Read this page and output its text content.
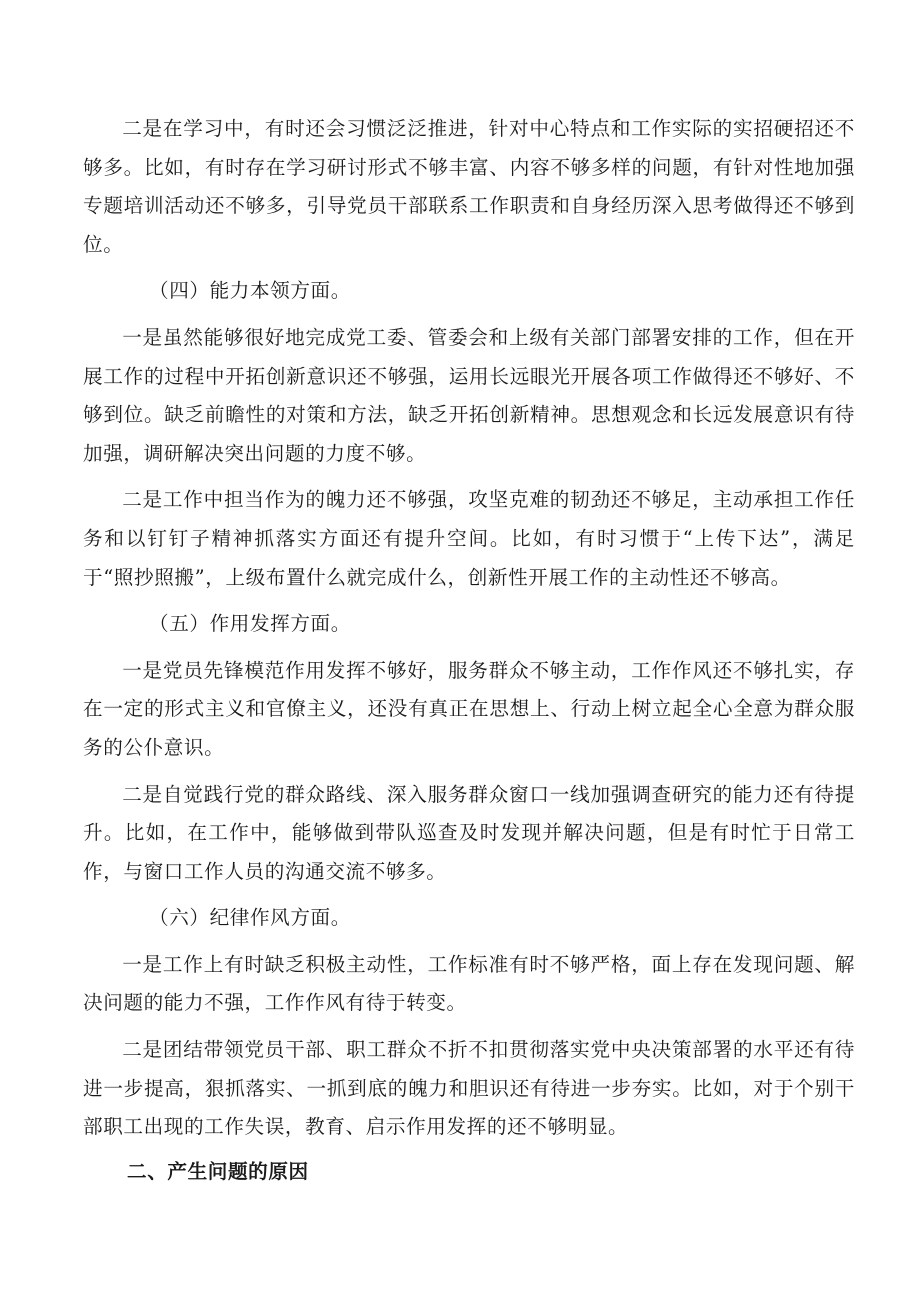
二是在学习中，有时还会习惯泛泛推进，针对中心特点和工作实际的实招硬招还不够多。比如，有时存在学习研讨形式不够丰富、内容不够多样的问题，有针对性地加强专题培训活动还不够多，引导党员干部联系工作职责和自身经历深入思考做得还不够到位。

（四）能力本领方面。

一是虽然能够很好地完成党工委、管委会和上级有关部门部署安排的工作，但在开展工作的过程中开拓创新意识还不够强，运用长远眼光开展各项工作做得还不够好、不够到位。缺乏前瞻性的对策和方法，缺乏开拓创新精神。思想观念和长远发展意识有待加强，调研解决突出问题的力度不够。

二是工作中担当作为的魄力还不够强，攻坚克难的韧劲还不够足，主动承担工作任务和以钉钉子精神抓落实方面还有提升空间。比如，有时习惯于“上传下达”，满足于“照抄照搬”，上级布置什么就完成什么，创新性开展工作的主动性还不够高。

（五）作用发挥方面。

一是党员先锋模范作用发挥不够好，服务群众不够主动，工作作风还不够扎实，存在一定的形式主义和官僚主义，还没有真正在思想上、行动上树立起全心全意为群众服务的公仆意识。

二是自觉践行党的群众路线、深入服务群众窗口一线加强调查研究的能力还有待提升。比如，在工作中，能够做到带队巡查及时发现并解决问题，但是有时忙于日常工作，与窗口工作人员的沟通交流不够多。

（六）纪律作风方面。

一是工作上有时缺乏积极主动性，工作标准有时不够严格，面上存在发现问题、解决问题的能力不强，工作作风有待于转变。

二是团结带领党员干部、职工群众不折不扣贯彻落实党中央决策部署的水平还有待进一步提高，狠抓落实、一抓到底的魄力和胆识还有待进一步夯实。比如，对于个别干部职工出现的工作失误，教育、启示作用发挥的还不够明显。

二、产生问题的原因
